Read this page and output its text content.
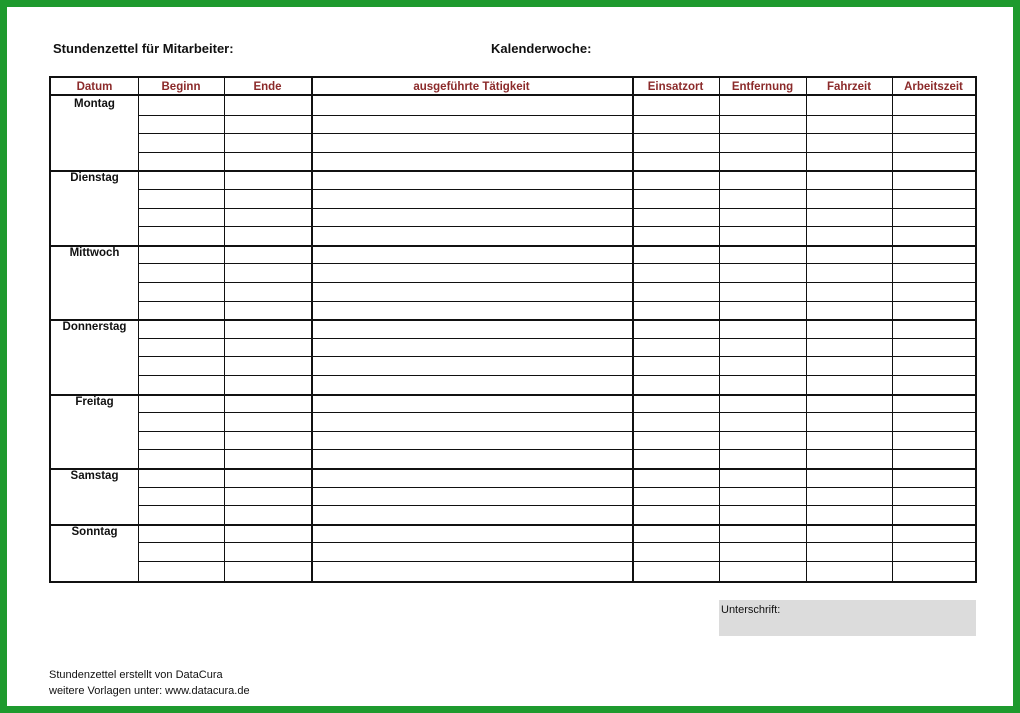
Stundenzettel für Mitarbeiter:	Kalenderwoche:
Datum	Beginn	Ende	ausgeführte Tätigkeit	Einsatzort	Entfernung	Fahrzeit	Arbeitszeit
Montag
Dienstag
Mittwoch
Donnerstag
Freitag
Samstag
Sonntag
Unterschrift:
Stundenzettel erstellt von DataCura
weitere Vorlagen unter: www.datacura.de
